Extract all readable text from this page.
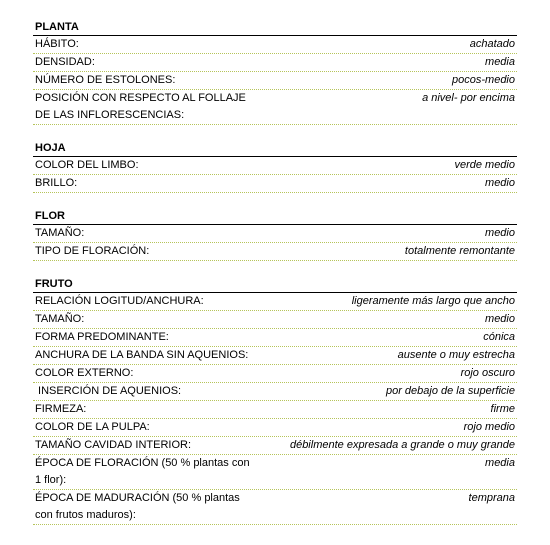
PLANTA
HÁBITO:	achatado
DENSIDAD:	media
NÚMERO DE ESTOLONES:	pocos-medio
POSICIÓN CON RESPECTO AL FOLLAJE DE LAS INFLORESCENCIAS:
a nivel- por encima
HOJA
COLOR DEL LIMBO:	verde medio
BRILLO:	medio
FLOR
TAMAÑO:	medio
TIPO DE FLORACIÓN:	totalmente remontante
FRUTO
RELACIÓN LOGITUD/ANCHURA:	ligeramente más largo que ancho
TAMAÑO:	medio
FORMA PREDOMINANTE:	cónica
ANCHURA DE LA BANDA SIN AQUENIOS:	ausente o muy estrecha
COLOR EXTERNO:	rojo oscuro
INSERCIÓN DE AQUENIOS:	por debajo de la superficie
FIRMEZA:	firme
COLOR DE LA PULPA:	rojo medio
TAMAÑO CAVIDAD INTERIOR:	débilmente expresada a grande o muy grande
ÉPOCA DE FLORACIÓN (50 % plantas con 1 flor):
media
ÉPOCA DE MADURACIÓN (50 % plantas con frutos maduros):
temprana
